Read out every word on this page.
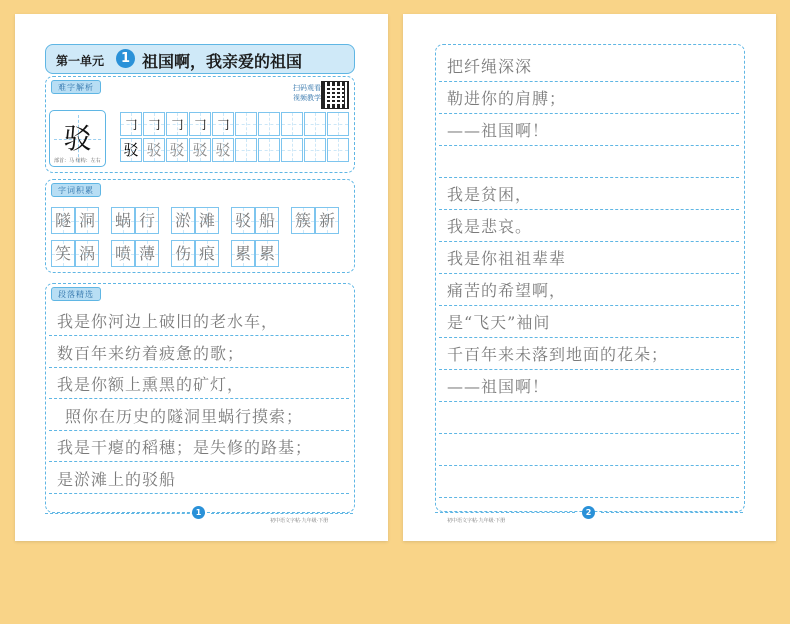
第一单元	1 祖国啊，我亲爱的祖国
难字解析	扫码观看
视频教学
驳
部首：马 结构：左右
𠃌 𠃌 𠃌 𠃌 𠃌
驳 驳 驳 驳 驳
字词积累
隧 洞 蜗 行 淤 滩 驳 船 簇 新
笑 涡 喷 薄 伤 痕 累 累
段落精选
我是你河边上破旧的老水车，
数百年来纺着疲惫的歌；
我是你额上熏黑的矿灯，
照你在历史的隧洞里蜗行摸索；
我是干瘪的稻穗；是失修的路基；
是淤滩上的驳船
1
初中语文字帖·九年级·下册
把纤绳深深
勒进你的肩膊；
——祖国啊！
我是贫困，
我是悲哀。
我是你祖祖辈辈
痛苦的希望啊，
是“飞天”袖间
千百年来未落到地面的花朵；
——祖国啊！
2
初中语文字帖·九年级·下册
